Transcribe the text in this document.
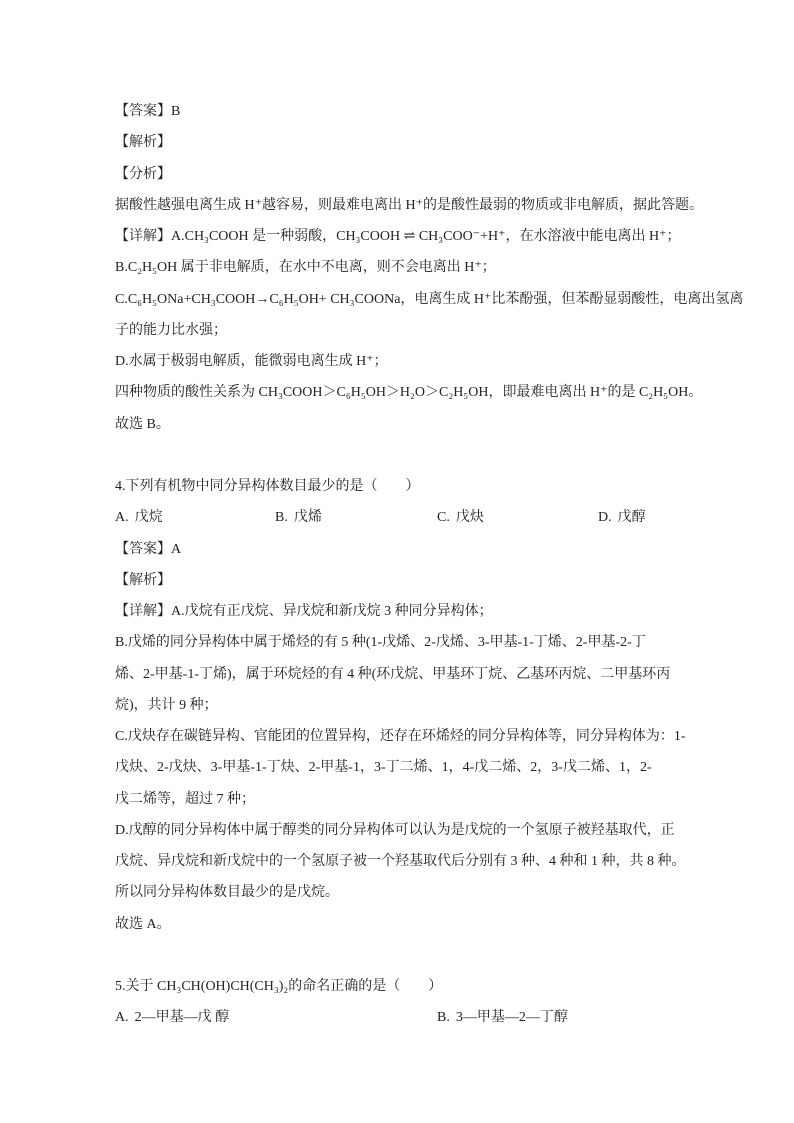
【答案】B
【解析】
【分析】
据酸性越强电离生成 H⁺越容易，则最难电离出 H⁺的是酸性最弱的物质或非电解质，据此答题。
【详解】A.CH₃COOH 是一种弱酸，CH₃COOH ⇌ CH₃COO⁻+H⁺，在水溶液中能电离出 H⁺；
B.C₂H₅OH 属于非电解质，在水中不电离，则不会电离出 H⁺；
C.C₆H₅ONa+CH₃COOH→C₆H₅OH+ CH₃COONa，电离生成 H⁺比苯酚强，但苯酚显弱酸性，电离出氢离
子的能力比水强；
D.水属于极弱电解质，能微弱电离生成 H⁺；
四种物质的酸性关系为 CH₃COOH＞C₆H₅OH＞H₂O＞C₂H₅OH，即最难电离出 H⁺的是 C₂H₅OH。
故选 B。
4.下列有机物中同分异构体数目最少的是（　　）
A. 戊烷	B. 戊烯	C. 戊炔	D. 戊醇
【答案】A
【解析】
【详解】A.戊烷有正戊烷、异戊烷和新戊烷 3 种同分异构体；
B.戊烯的同分异构体中属于烯烃的有 5 种(1-戊烯、2-戊烯、3-甲基-1-丁烯、2-甲基-2-丁
烯、2-甲基-1-丁烯)，属于环烷烃的有 4 种(环戊烷、甲基环丁烷、乙基环丙烷、二甲基环丙
烷)，共计 9 种；
C.戊炔存在碳链异构、官能团的位置异构，还存在环烯烃的同分异构体等，同分异构体为：1-
戊炔、2-戊炔、3-甲基-1-丁炔、2-甲基-1，3-丁二烯、1，4-戊二烯、2，3-戊二烯、1，2-
戊二烯等，超过 7 种；
D.戊醇的同分异构体中属于醇类的同分异构体可以认为是戊烷的一个氢原子被羟基取代，正
戊烷、异戊烷和新戊烷中的一个氢原子被一个羟基取代后分别有 3 种、4 种和 1 种，共 8 种。
所以同分异构体数目最少的是戊烷。
故选 A。
5.关于 CH₃CH(OH)CH(CH₃)₂的命名正确的是（　　）
A. 2—甲基—戊 醇	B. 3—甲基—2—丁醇
